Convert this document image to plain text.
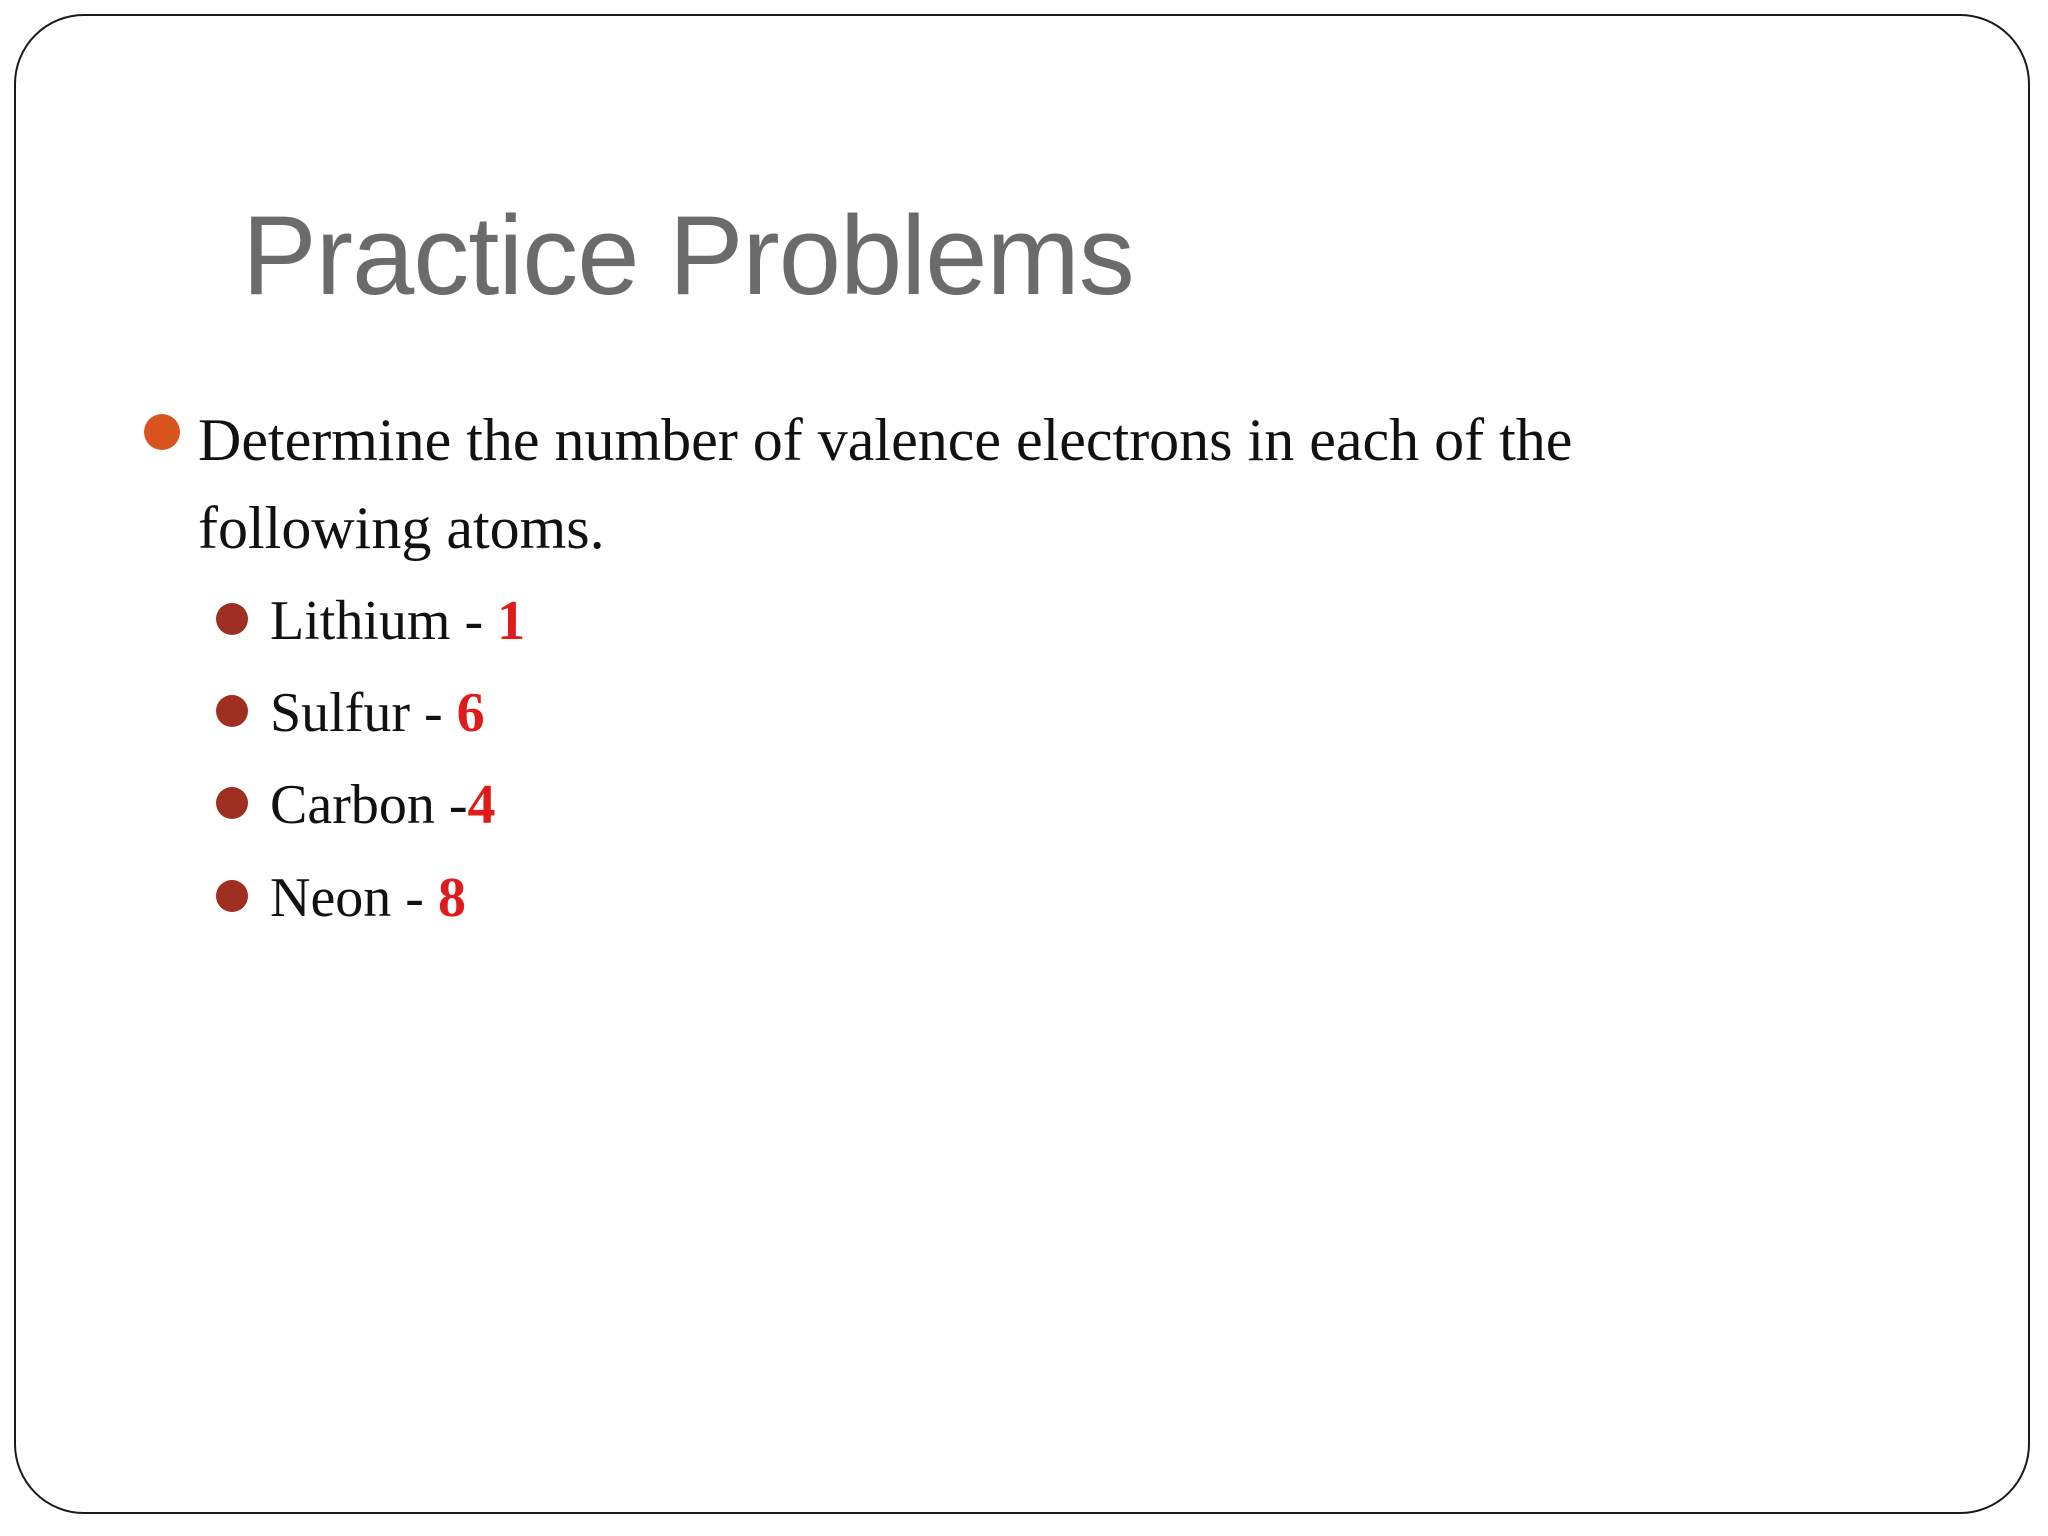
Practice Problems
Determine the number of valence electrons in each of the following atoms.
Lithium - 1
Sulfur - 6
Carbon -4
Neon - 8
